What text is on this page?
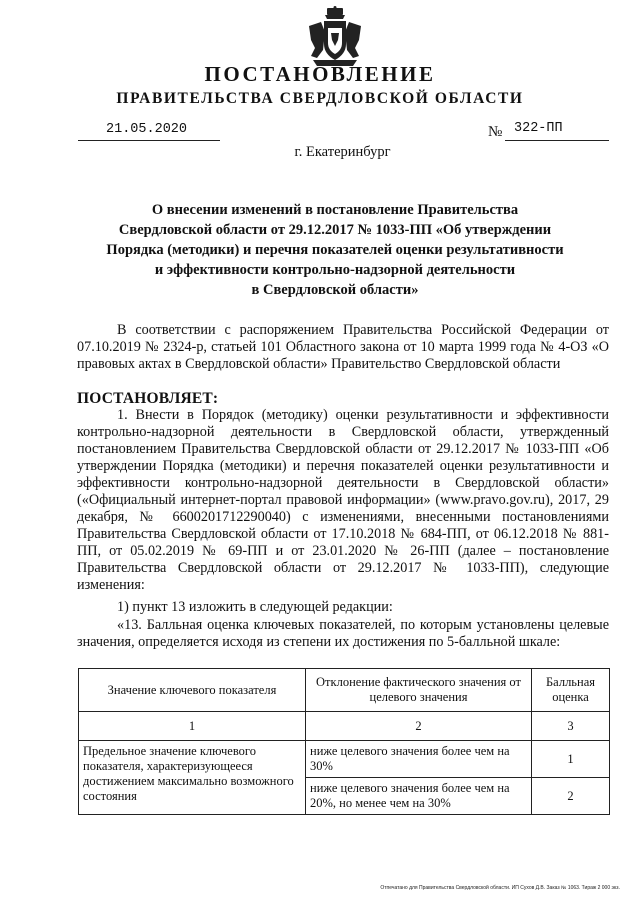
ПОСТАНОВЛЕНИЕ
ПРАВИТЕЛЬСТВА СВЕРДЛОВСКОЙ ОБЛАСТИ
21.05.2020	№ 322-ПП
г. Екатеринбург
О внесении изменений в постановление Правительства
Свердловской области от 29.12.2017 № 1033-ПП «Об утверждении
Порядка (методики) и перечня показателей оценки результативности
и эффективности контрольно-надзорной деятельности
в Свердловской области»
В соответствии с распоряжением Правительства Российской Федерации от 07.10.2019 № 2324-р, статьей 101 Областного закона от 10 марта 1999 года № 4-ОЗ «О правовых актах в Свердловской области» Правительство Свердловской области
ПОСТАНОВЛЯЕТ:
1. Внести в Порядок (методику) оценки результативности и эффективности контрольно-надзорной деятельности в Свердловской области, утвержденный постановлением Правительства Свердловской области от 29.12.2017 № 1033-ПП «Об утверждении Порядка (методики) и перечня показателей оценки результативности и эффективности контрольно-надзорной деятельности в Свердловской области» («Официальный интернет-портал правовой информации» (www.pravo.gov.ru), 2017, 29 декабря, № 6600201712290040) с изменениями, внесенными постановлениями Правительства Свердловской области от 17.10.2018 № 684-ПП, от 06.12.2018 № 881-ПП, от 05.02.2019 № 69-ПП и от 23.01.2020 № 26-ПП (далее – постановление Правительства Свердловской области от 29.12.2017 № 1033-ПП), следующие изменения:
1) пункт 13 изложить в следующей редакции:
«13. Балльная оценка ключевых показателей, по которым установлены целевые значения, определяется исходя из степени их достижения по 5-балльной шкале:
Значение ключевого показателя	Отклонение фактического значения от целевого значения	Балльная оценка
1	2	3
Предельное значение ключевого показателя, характеризующееся достижением максимально возможного состояния	ниже целевого значения более чем на 30%	1
	ниже целевого значения более чем на 20%, но менее чем на 30%	2
Отпечатано для Правительства Свердловской области. ИП Сухов Д.В. Заказ № 1063. Тираж 2 000 экз.
